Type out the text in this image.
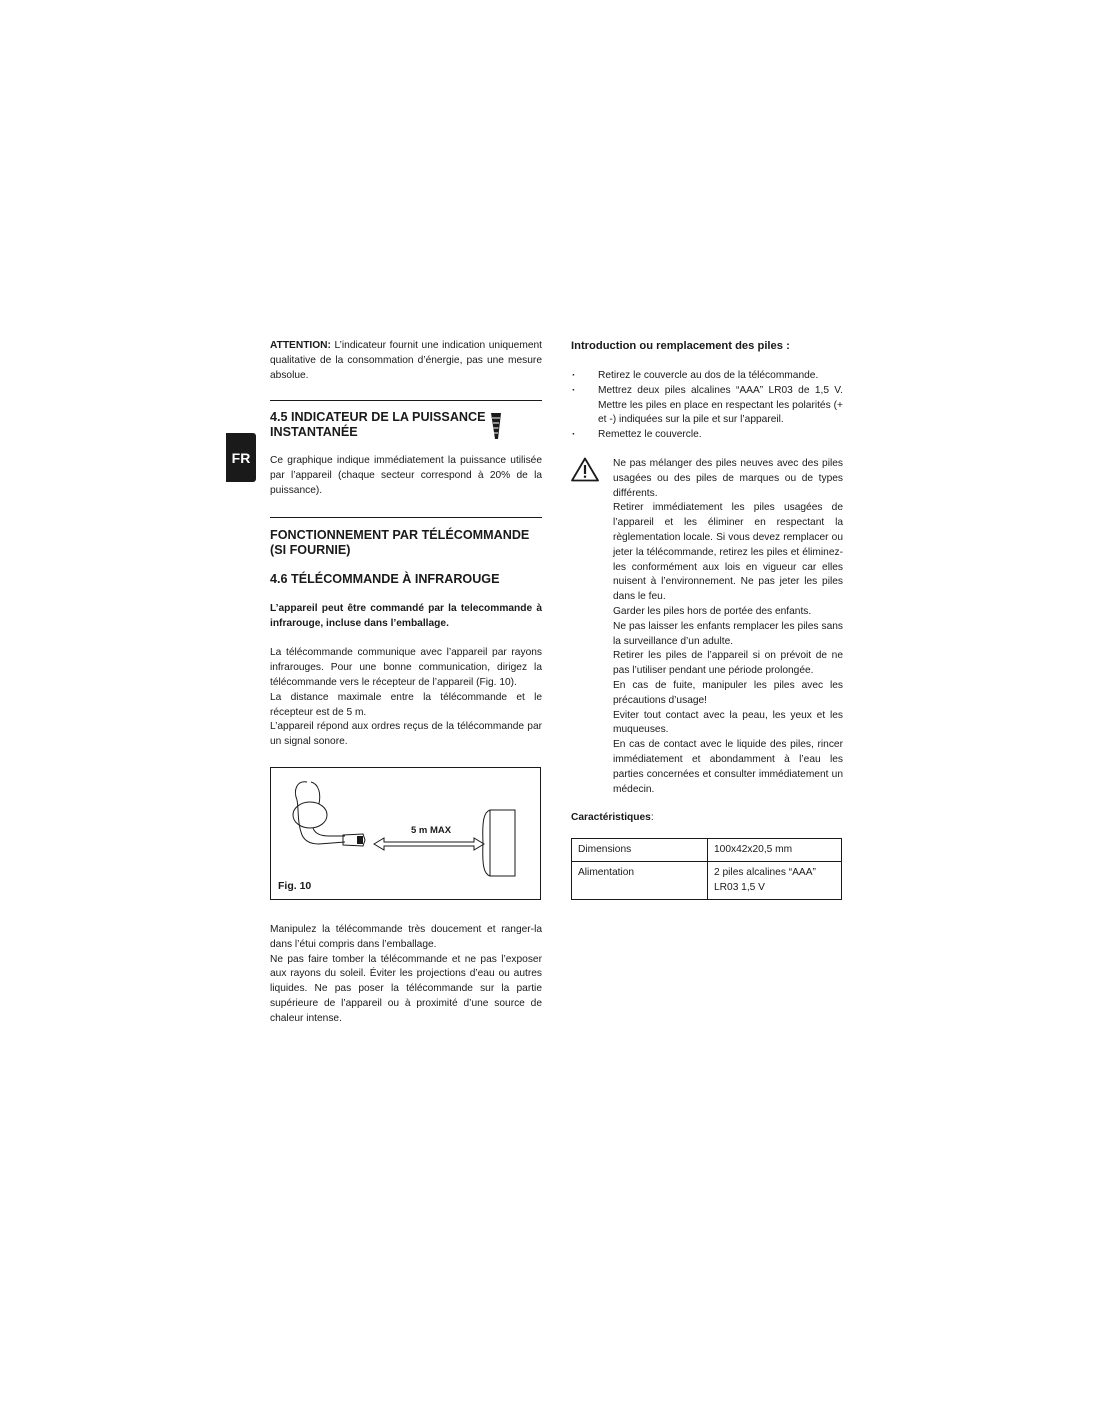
FR

ATTENTION: L’indicateur fournit une indication uniquement qualitative de la consommation d’énergie, pas une mesure absolue.

4.5 INDICATEUR DE LA PUISSANCE
INSTANTANÉE

Ce graphique indique immédiatement la puissance utilisée par l’appareil (chaque secteur correspond à 20% de la puissance).

FONCTIONNEMENT PAR TÉLÉCOMMANDE
(SI FOURNIE)
4.6 TÉLÉCOMMANDE À INFRAROUGE

L’appareil peut être commandé par la telecommande à infrarouge, incluse dans l’emballage.

La télécommande communique avec l’appareil par rayons infrarouges. Pour une bonne communication, dirigez la télécommande vers le récepteur de l’appareil (Fig. 10).

La distance maximale entre la télécommande et le récepteur est de 5 m.

L’appareil répond aux ordres reçus de la télécommande par un signal sonore.

5 m MAX
Fig. 10

Manipulez la télécommande très doucement et ranger-la dans l’étui compris dans l’emballage.

Ne pas faire tomber la télécommande et ne pas l’exposer aux rayons du soleil. Éviter les projections d’eau ou autres liquides. Ne pas poser la télécommande sur la partie supérieure de l’appareil ou à proximité d’une source de chaleur intense.

Introduction ou remplacement des piles :

· Retirez le couvercle au dos de la télécommande.

· Mettrez deux piles alcalines “AAA” LR03 de 1,5 V. Mettre les piles en place en respectant les polarités (+ et -) indiquées sur la pile et sur l’appareil.

· Remettez le couvercle.

Ne pas mélanger des piles neuves avec des piles usagées ou des piles de marques ou de types différents.

Retirer immédiatement les piles usagées de l’appareil et les éliminer en respectant la règlementation locale. Si vous devez remplacer ou jeter la télécommande, retirez les piles et éliminez-les conformément aux lois en vigueur car elles nuisent à l’environnement. Ne pas jeter les piles dans le feu.

Garder les piles hors de portée des enfants.

Ne pas laisser les enfants remplacer les piles sans la surveillance d’un adulte.

Retirer les piles de l’appareil si on prévoit de ne pas l’utiliser pendant une période prolongée.

En cas de fuite, manipuler les piles avec les précautions d’usage!

Eviter tout contact avec la peau, les yeux et les muqueuses.

En cas de contact avec le liquide des piles, rincer immédiatement et abondamment à l’eau les parties concernées et consulter immédiatement un médecin.

Caractéristiques:

Dimensions	100x42x20,5 mm
Alimentation	2 piles alcalines “AAA” LR03 1,5 V
